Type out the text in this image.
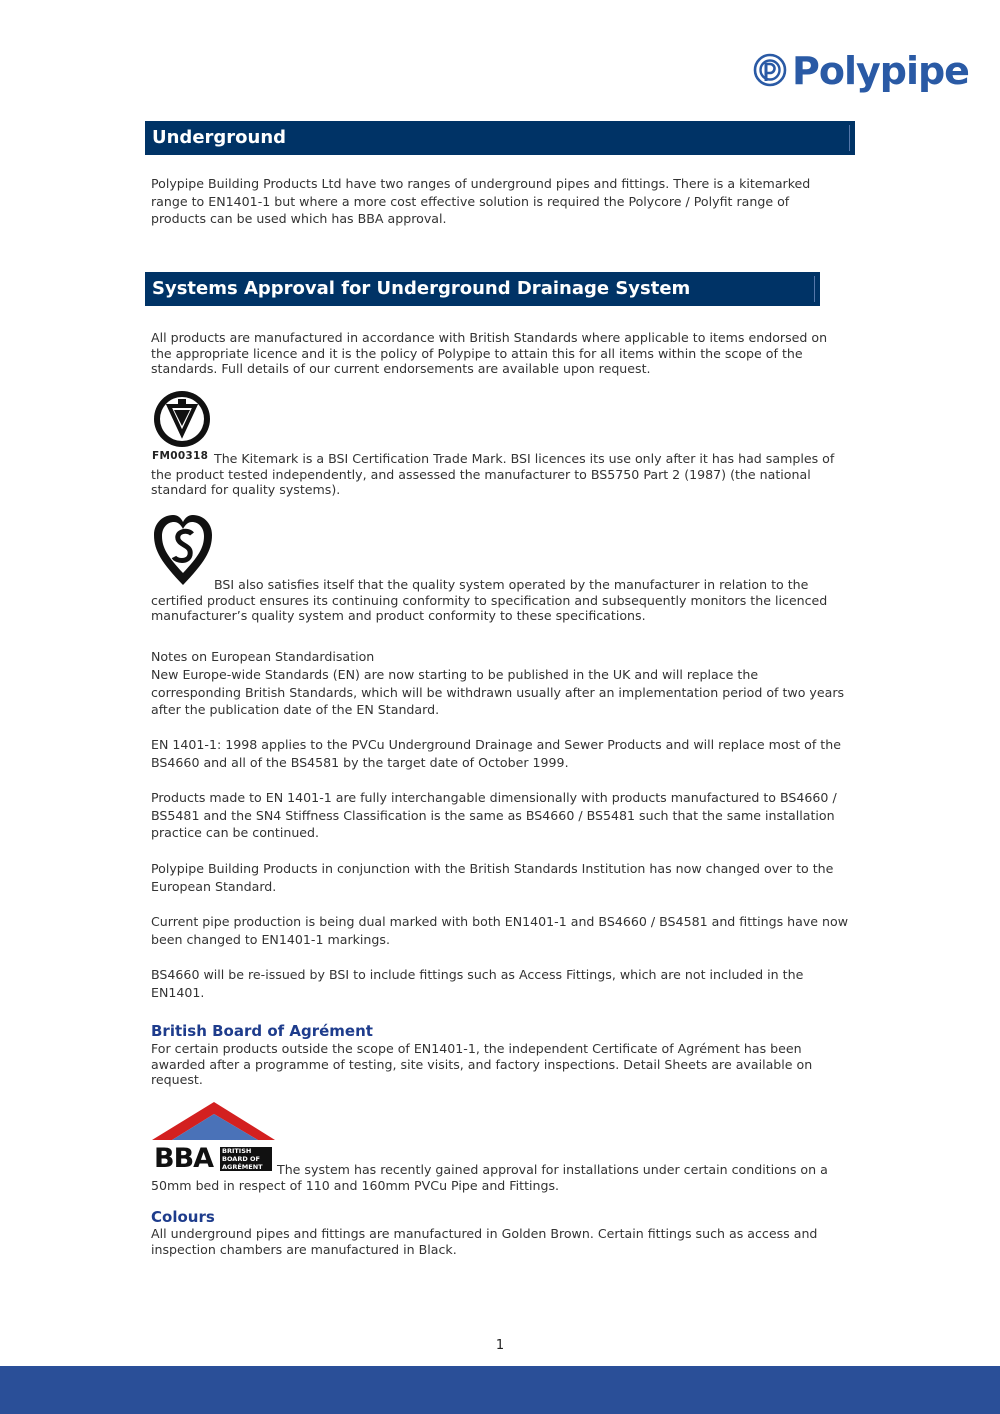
Polypipe
Underground

Polypipe Building Products Ltd have two ranges of underground pipes and fittings. There is a kitemarked range to EN1401-1 but where a more cost effective solution is required the Polycore / Polyfit range of products can be used which has BBA approval.

Systems Approval for Underground Drainage System

All products are manufactured in accordance with British Standards where applicable to items endorsed on the appropriate licence and it is the policy of Polypipe to attain this for all items within the scope of the standards. Full details of our current endorsements are available upon request.

FM00318 The Kitemark is a BSI Certification Trade Mark. BSI licences its use only after it has had samples of the product tested independently, and assessed the manufacturer to BS5750 Part 2 (1987) (the national standard for quality systems).

BSI also satisfies itself that the quality system operated by the manufacturer in relation to the certified product ensures its continuing conformity to specification and subsequently monitors the licenced manufacturer’s quality system and product conformity to these specifications.

Notes on European Standardisation

New Europe-wide Standards (EN) are now starting to be published in the UK and will replace the corresponding British Standards, which will be withdrawn usually after an implementation period of two years after the publication date of the EN Standard.

EN 1401-1: 1998 applies to the PVCu Underground Drainage and Sewer Products and will replace most of the BS4660 and all of the BS4581 by the target date of October 1999.

Products made to EN 1401-1 are fully interchangable dimensionally with products manufactured to BS4660 / BS5481 and the SN4 Stiffness Classification is the same as BS4660 / BS5481 such that the same installation practice can be continued.

Polypipe Building Products in conjunction with the British Standards Institution has now changed over to the European Standard.

Current pipe production is being dual marked with both EN1401-1 and BS4660 / BS4581 and fittings have now been changed to EN1401-1 markings.

BS4660 will be re-issued by BSI to include fittings such as Access Fittings, which are not included in the EN1401.

British Board of Agrément

For certain products outside the scope of EN1401-1, the independent Certificate of Agrément has been awarded after a programme of testing, site visits, and factory inspections. Detail Sheets are available on request.

BBA BRITISH
BOARD OF
AGRÉMENT	The system has recently gained approval for installations under certain conditions on a 50mm bed in respect of 110 and 160mm PVCu Pipe and Fittings.

Colours

All underground pipes and fittings are manufactured in Golden Brown. Certain fittings such as access and inspection chambers are manufactured in Black.

1
